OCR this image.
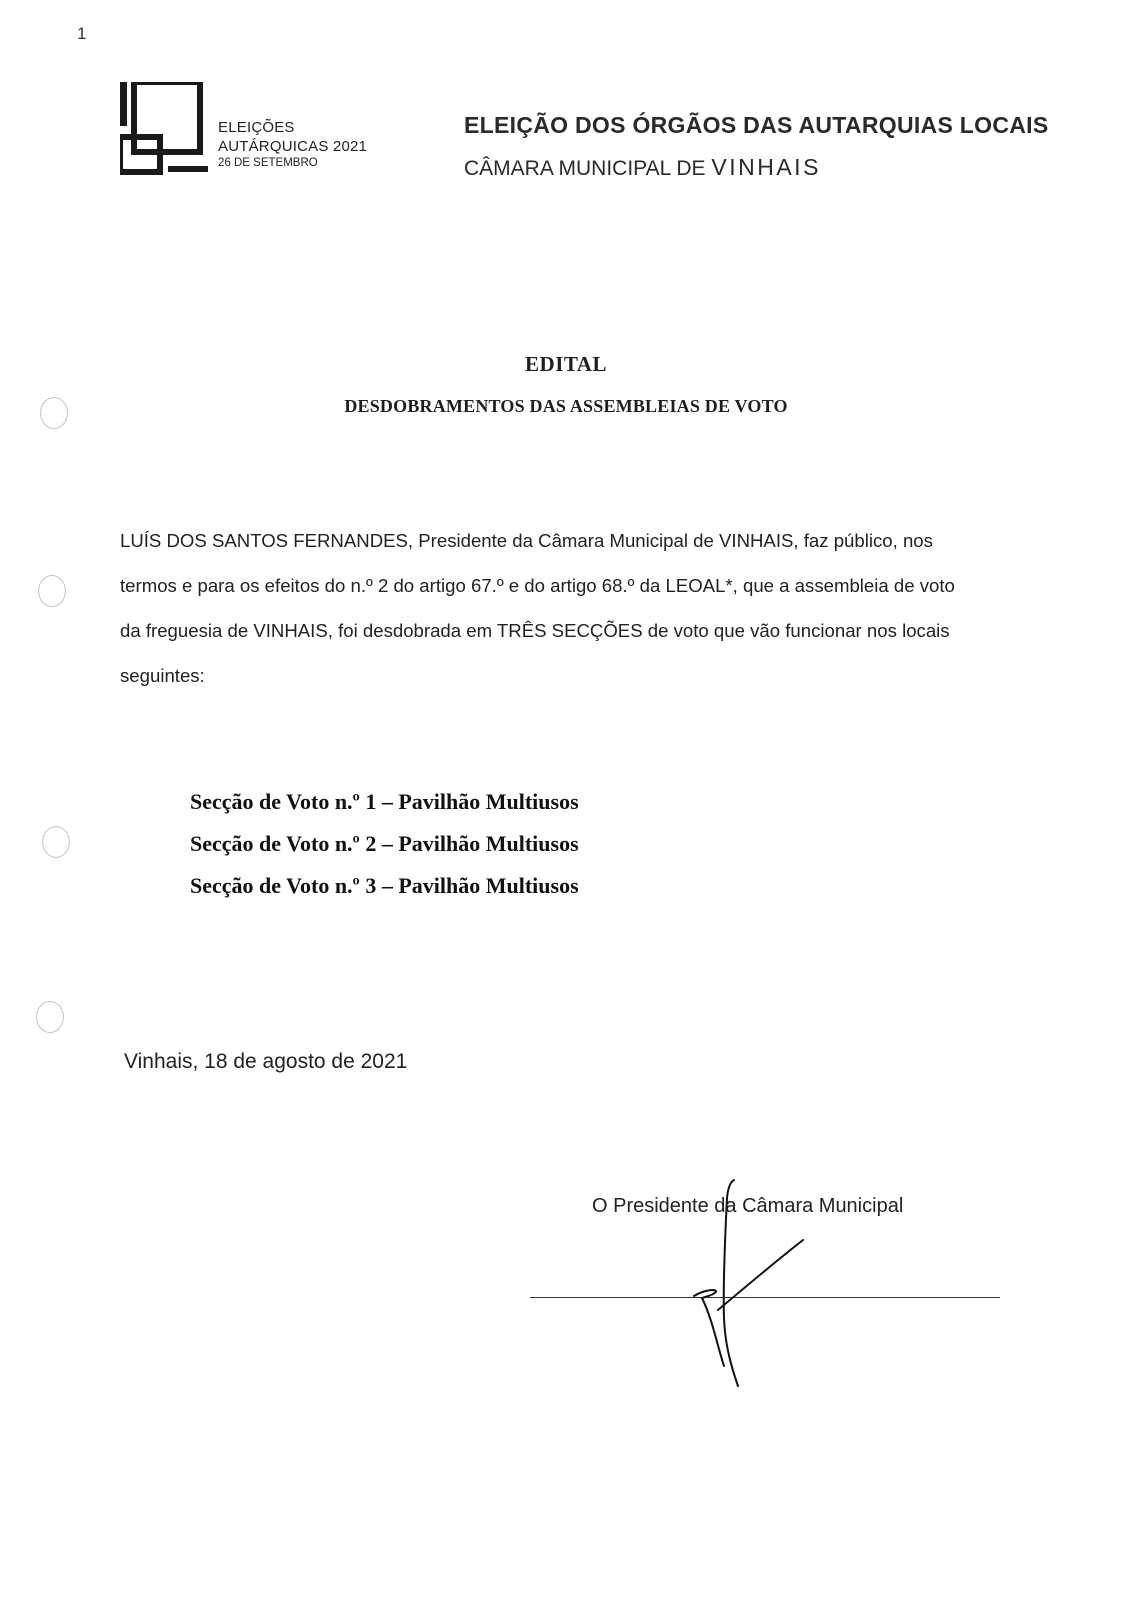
1
ELEIÇÕES
AUTÁRQUICAS 2021
26 DE SETEMBRO
ELEIÇÃO DOS ÓRGÃOS DAS AUTARQUIAS LOCAIS
CÂMARA MUNICIPAL DE VINHAIS
EDITAL
DESDOBRAMENTOS DAS ASSEMBLEIAS DE VOTO

LUÍS DOS SANTOS FERNANDES, Presidente da Câmara Municipal de VINHAIS, faz público, nos

termos e para os efeitos do n.º 2 do artigo 67.º e do artigo 68.º da LEOAL*, que a assembleia de voto

da freguesia de VINHAIS, foi desdobrada em TRÊS SECÇÕES de voto que vão funcionar nos locais

seguintes:

Secção de Voto n.º 1 – Pavilhão Multiusos
Secção de Voto n.º 2 – Pavilhão Multiusos
Secção de Voto n.º 3 – Pavilhão Multiusos
Vinhais, 18 de agosto de 2021
O Presidente da Câmara Municipal
